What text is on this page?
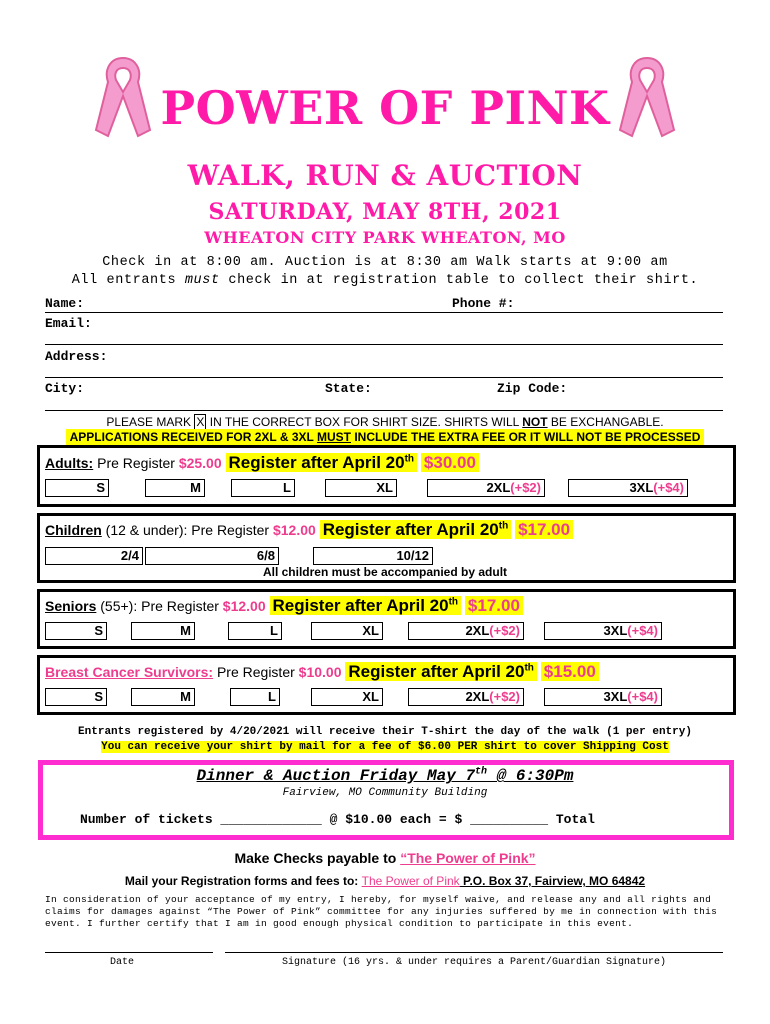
POWER OF PINK
WALK, RUN & AUCTION
SATURDAY, MAY 8TH, 2021
WHEATON CITY PARK WHEATON, MO
Check in at 8:00 am. Auction is at 8:30 am Walk starts at 9:00 am
All entrants must check in at registration table to collect their shirt.
Name:	Phone #:
Email:
Address:
City:	State:	Zip Code:
PLEASE MARK X IN THE CORRECT BOX FOR SHIRT SIZE. SHIRTS WILL NOT BE EXCHANGABLE.
APPLICATIONS RECEIVED FOR 2XL & 3XL MUST INCLUDE THE EXTRA FEE OR IT WILL NOT BE PROCESSED
Adults: Pre Register $25.00 Register after April 20th $30.00
S	M	L	XL	2XL(+$2)	3XL(+$4)
Children (12 & under): Pre Register $12.00 Register after April 20th $17.00
2/4	6/8	10/12
All children must be accompanied by adult
Seniors (55+): Pre Register $12.00 Register after April 20th $17.00
S	M	L	XL	2XL(+$2)	3XL(+$4)
Breast Cancer Survivors: Pre Register $10.00 Register after April 20th $15.00
S	M	L	XL	2XL(+$2)	3XL(+$4)
Entrants registered by 4/20/2021 will receive their T-shirt the day of the walk (1 per entry)
You can receive your shirt by mail for a fee of $6.00 PER shirt to cover Shipping Cost
Dinner & Auction Friday May 7th @ 6:30Pm
Fairview, MO Community Building
Number of tickets _____________ @ $10.00 each = $ __________ Total
Make Checks payable to “The Power of Pink”
Mail your Registration forms and fees to: The Power of Pink P.O. Box 37, Fairview, MO 64842
In consideration of your acceptance of my entry, I hereby, for myself waive, and release any and all rights and claims for damages against “The Power of Pink” committee for any injuries suffered by me in connection with this event. I further certify that I am in good enough physical condition to participate in this event.
Date	Signature (16 yrs. & under requires a Parent/Guardian Signature)
